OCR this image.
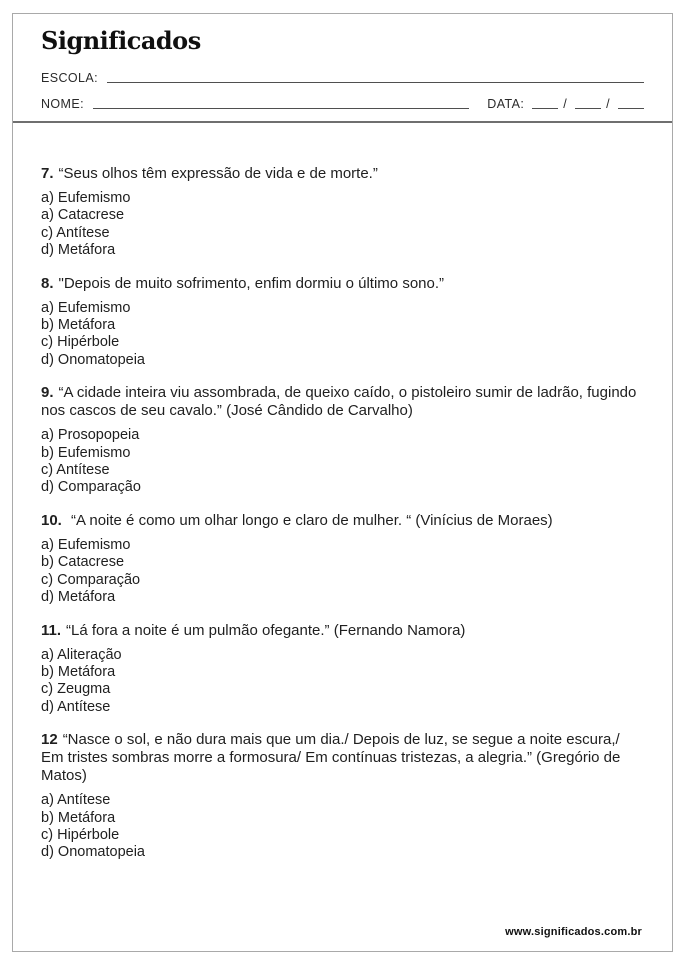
Significados
ESCOLA:
NOME:	DATA:	/	/
7. “Seus olhos têm expressão de vida e de morte.”
a) Eufemismo
a) Catacrese
c) Antítese
d) Metáfora
8. "Depois de muito sofrimento, enfim dormiu o último sono.”
a) Eufemismo
b) Metáfora
c) Hipérbole
d) Onomatopeia
9. “A cidade inteira viu assombrada, de queixo caído, o pistoleiro sumir de ladrão, fugindo nos cascos de seu cavalo.” (José Cândido de Carvalho)
a) Prosopopeia
b) Eufemismo
c) Antítese
d) Comparação
10. “A noite é como um olhar longo e claro de mulher. “ (Vinícius de Moraes)
a) Eufemismo
b) Catacrese
c) Comparação
d) Metáfora
11. “Lá fora a noite é um pulmão ofegante.” (Fernando Namora)
a) Aliteração
b) Metáfora
c) Zeugma
d) Antítese
12 “Nasce o sol, e não dura mais que um dia./ Depois de luz, se segue a noite escura,/ Em tristes sombras morre a formosura/ Em contínuas tristezas, a alegria.” (Gregório de Matos)
a) Antítese
b) Metáfora
c) Hipérbole
d) Onomatopeia
www.significados.com.br
